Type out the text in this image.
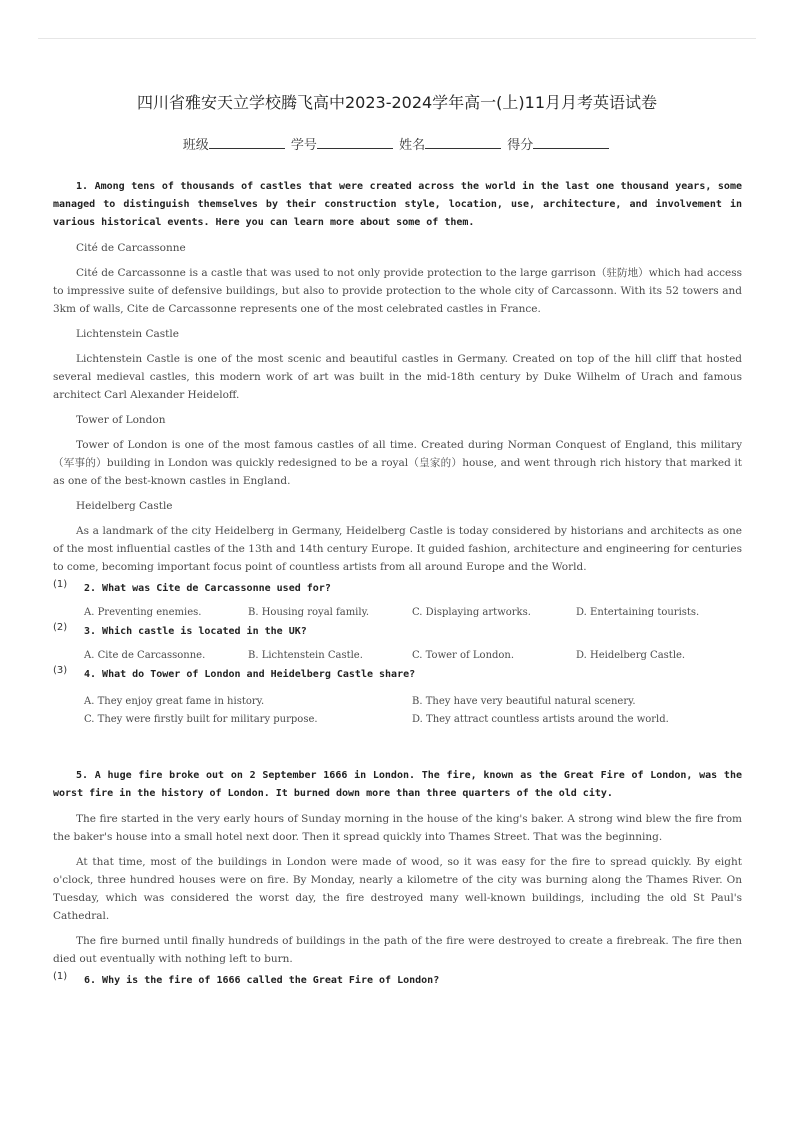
四川省雅安天立学校腾飞高中2023-2024学年高一(上)11月月考英语试卷
班级	学号	姓名	得分

1. Among tens of thousands of castles that were created across the world in the last one thousand years, some managed to distinguish themselves by their construction style, location, use, architecture, and involvement in various historical events. Here you can learn more about some of them.

Cité de Carcassonne

Cité de Carcassonne is a castle that was used to not only provide protection to the large garrison（驻防地）which had access to impressive suite of defensive buildings, but also to provide protection to the whole city of Carcassonn. With its 52 towers and 3km of walls, Cite de Carcassonne represents one of the most celebrated castles in France.

Lichtenstein Castle

Lichtenstein Castle is one of the most scenic and beautiful castles in Germany. Created on top of the hill cliff that hosted several medieval castles, this modern work of art was built in the mid-18th century by Duke Wilhelm of Urach and famous architect Carl Alexander Heideloff.

Tower of London

Tower of London is one of the most famous castles of all time. Created during Norman Conquest of England, this military（军事的）building in London was quickly redesigned to be a royal（皇家的）house, and went through rich history that marked it as one of the best-known castles in England.

Heidelberg Castle

As a landmark of the city Heidelberg in Germany, Heidelberg Castle is today considered by historians and architects as one of the most influential castles of the 13th and 14th century Europe. It guided fashion, architecture and engineering for centuries to come, becoming important focus point of countless artists from all around Europe and the World.

(1) 2. What was Cite de Carcassonne used for?
A. Preventing enemies.	B. Housing royal family.	C. Displaying artworks.	D. Entertaining tourists.
(2) 3. Which castle is located in the UK?
A. Cite de Carcassonne.	B. Lichtenstein Castle.	C. Tower of London.	D. Heidelberg Castle.
(3) 4. What do Tower of London and Heidelberg Castle share?
A. They enjoy great fame in history.	B. They have very beautiful natural scenery.
C. They were firstly built for military purpose.	D. They attract countless artists around the world.

5. A huge fire broke out on 2 September 1666 in London. The fire, known as the Great Fire of London, was the worst fire in the history of London. It burned down more than three quarters of the old city.

The fire started in the very early hours of Sunday morning in the house of the king's baker. A strong wind blew the fire from the baker's house into a small hotel next door. Then it spread quickly into Thames Street. That was the beginning.

At that time, most of the buildings in London were made of wood, so it was easy for the fire to spread quickly. By eight o'clock, three hundred houses were on fire. By Monday, nearly a kilometre of the city was burning along the Thames River. On Tuesday, which was considered the worst day, the fire destroyed many well-known buildings, including the old St Paul's Cathedral.

The fire burned until finally hundreds of buildings in the path of the fire were destroyed to create a firebreak. The fire then died out eventually with nothing left to burn.

(1) 6. Why is the fire of 1666 called the Great Fire of London?
